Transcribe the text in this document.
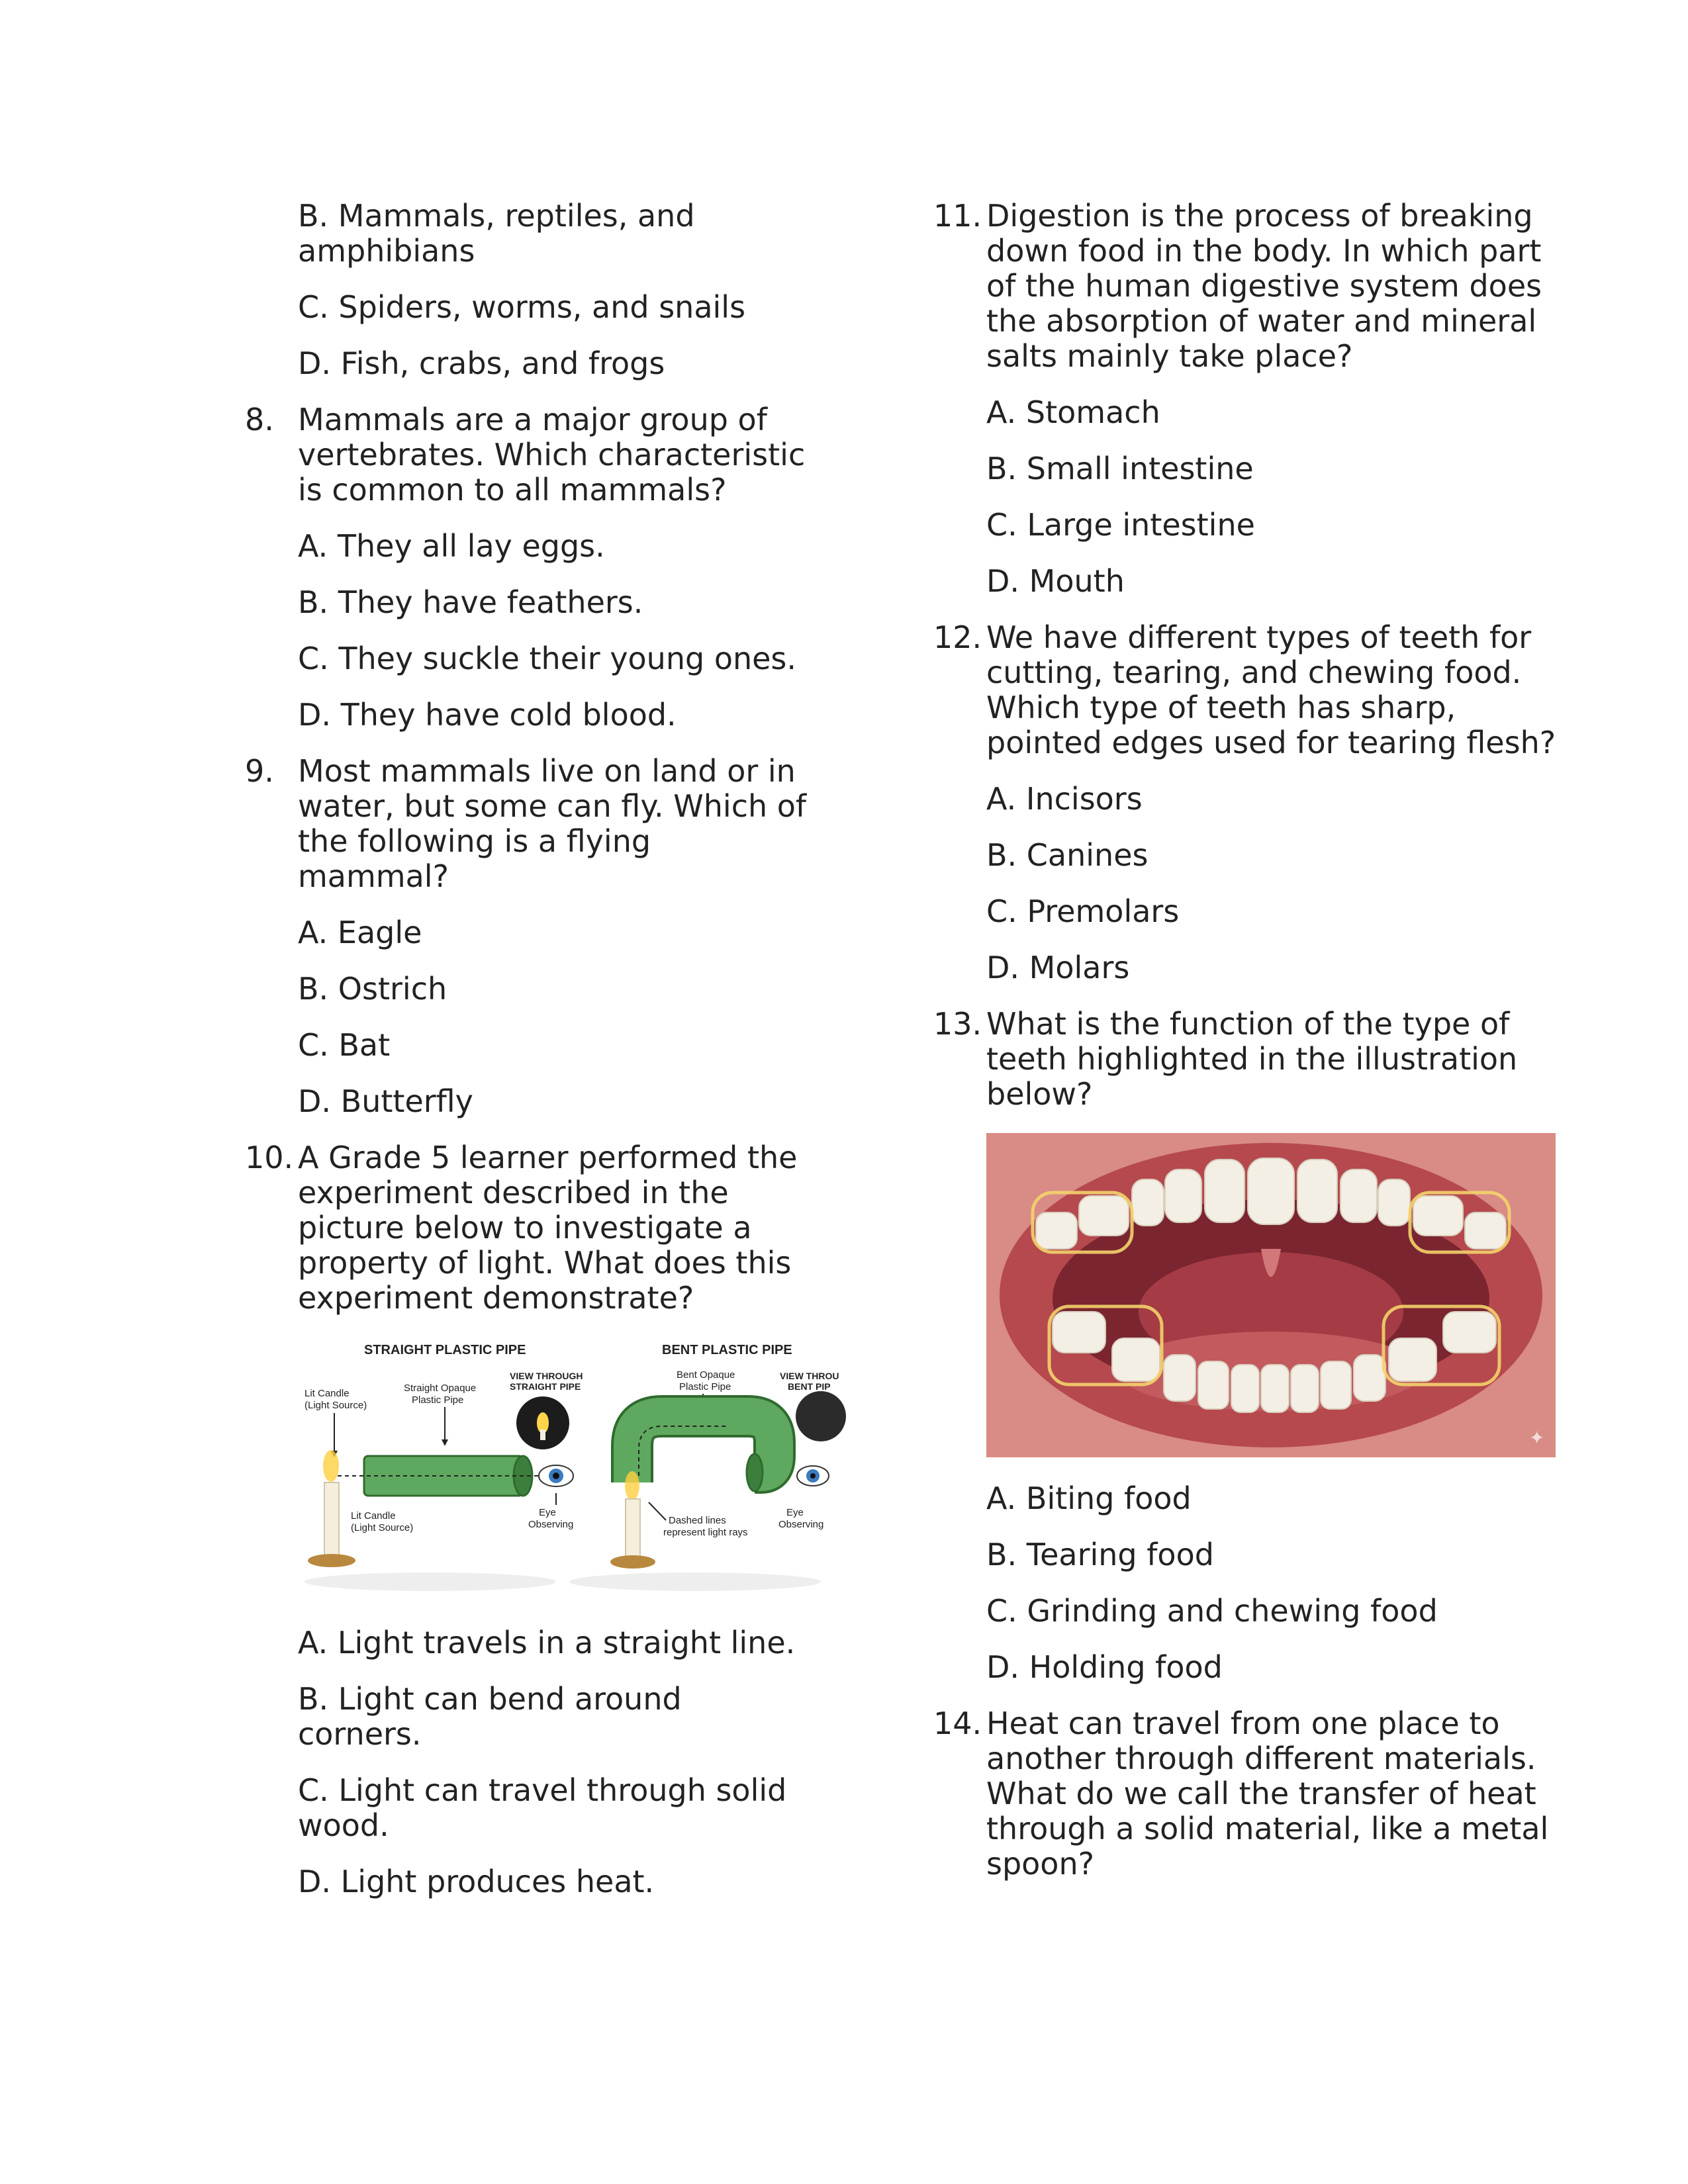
B. Mammals, reptiles, and amphibians
C. Spiders, worms, and snails
D. Fish, crabs, and frogs
8. Mammals are a major group of vertebrates. Which characteristic is common to all mammals?

A. They all lay eggs.
B. They have feathers.
C. They suckle their young ones.
D. They have cold blood.
9. Most mammals live on land or in water, but some can fly. Which of the following is a flying mammal?

A. Eagle
B. Ostrich
C. Bat
D. Butterfly
10. A Grade 5 learner performed the experiment described in the picture below to investigate a property of light. What does this experiment demonstrate?

STRAIGHT PLASTIC PIPE
Lit Candle
(Light Source)
Straight Opaque
Plastic Pipe
VIEW THROUGH
STRAIGHT PIPE
Eye
Observing
Lit Candle
(Light Source)
BENT PLASTIC PIPE
Bent Opaque
Plastic Pipe
VIEW THROU
BENT PIP
Eye
Observing
Dashed lines
represent light rays
A. Light travels in a straight line.
B. Light can bend around corners.
C. Light can travel through solid wood.
D. Light produces heat.
11. Digestion is the process of breaking down food in the body. In which part of the human digestive system does the absorption of water and mineral salts mainly take place?

A. Stomach
B. Small intestine
C. Large intestine
D. Mouth
12. We have different types of teeth for cutting, tearing, and chewing food. Which type of teeth has sharp, pointed edges used for tearing flesh?

A. Incisors
B. Canines
C. Premolars
D. Molars
13. What is the function of the type of teeth highlighted in the illustration below?

✦
A. Biting food
B. Tearing food
C. Grinding and chewing food
D. Holding food
14. Heat can travel from one place to another through different materials. What do we call the transfer of heat through a solid material, like a metal spoon?
